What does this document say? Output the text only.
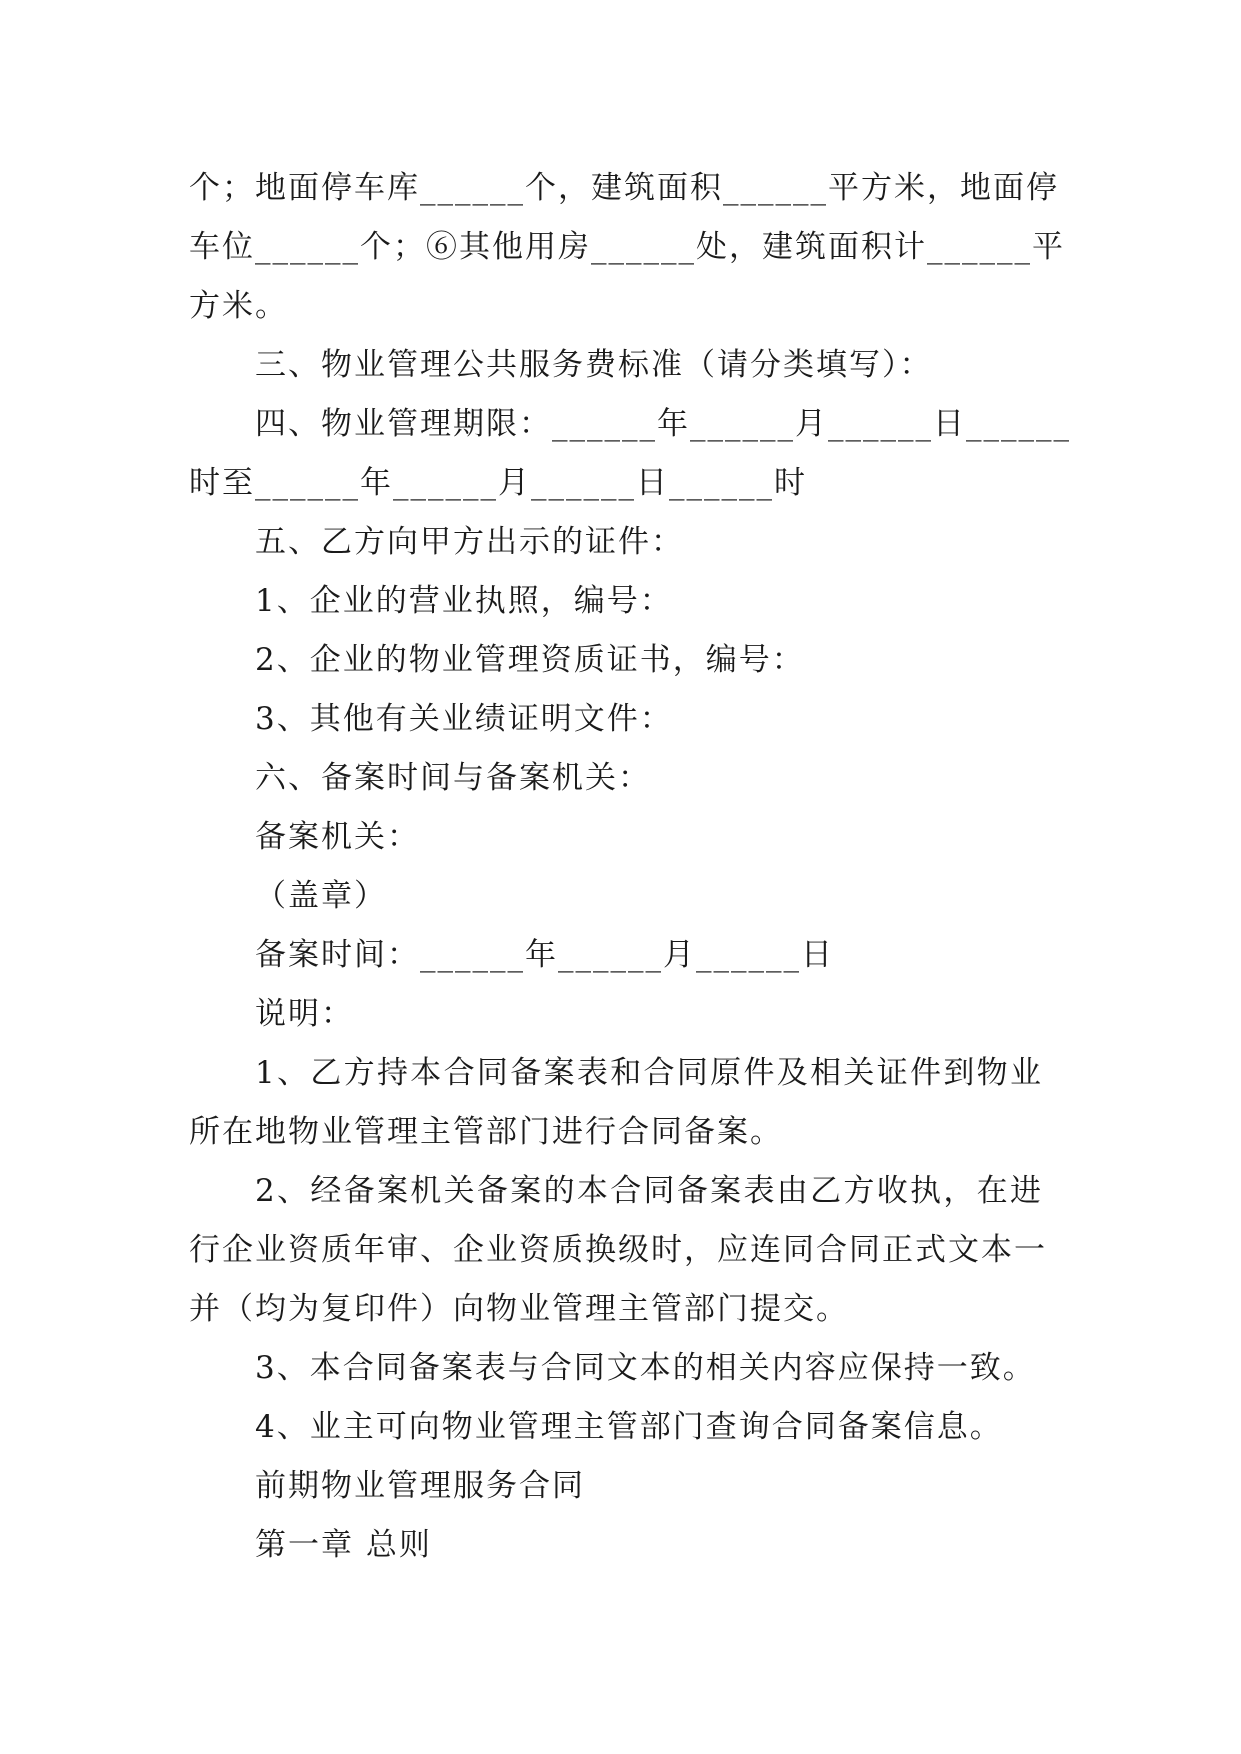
个；地面停车库______个，建筑面积______平方米，地面停
车位______个；⑥其他用房______处，建筑面积计______平
方米。
三、物业管理公共服务费标准（请分类填写）：
四、物业管理期限：______年______月______日______
时至______年______月______日______时
五、乙方向甲方出示的证件：
1、企业的营业执照，编号：
2、企业的物业管理资质证书，编号：
3、其他有关业绩证明文件：
六、备案时间与备案机关：
备案机关：
（盖章）
备案时间：______年______月______日
说明：
1、乙方持本合同备案表和合同原件及相关证件到物业
所在地物业管理主管部门进行合同备案。
2、经备案机关备案的本合同备案表由乙方收执，在进
行企业资质年审、企业资质换级时，应连同合同正式文本一
并（均为复印件）向物业管理主管部门提交。
3、本合同备案表与合同文本的相关内容应保持一致。
4、业主可向物业管理主管部门查询合同备案信息。
前期物业管理服务合同
第一章 总则
